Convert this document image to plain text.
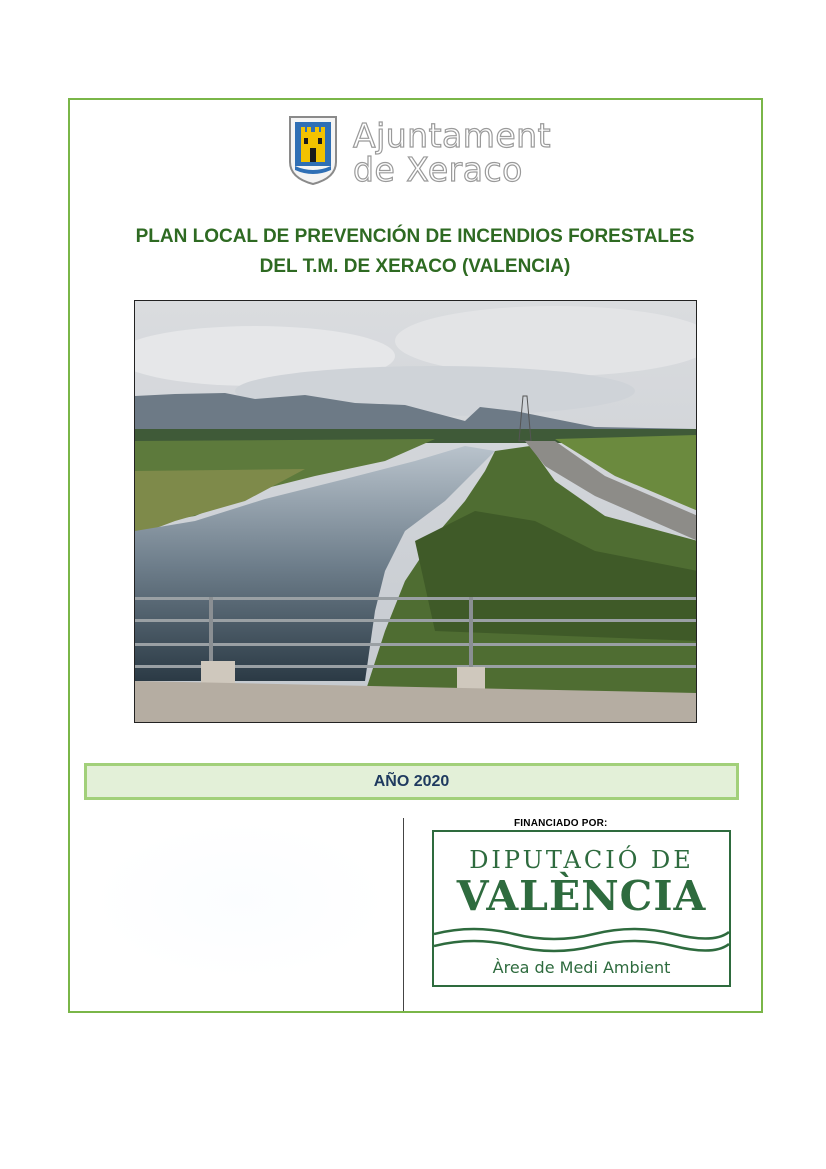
Ajuntament
de Xeraco
PLAN LOCAL DE PREVENCIÓN DE INCENDIOS FORESTALES
DEL T.M. DE XERACO (VALENCIA)
AÑO 2020
FINANCIADO POR:
DIPUTACIÓ DE
VALÈNCIA
Àrea de Medi Ambient
